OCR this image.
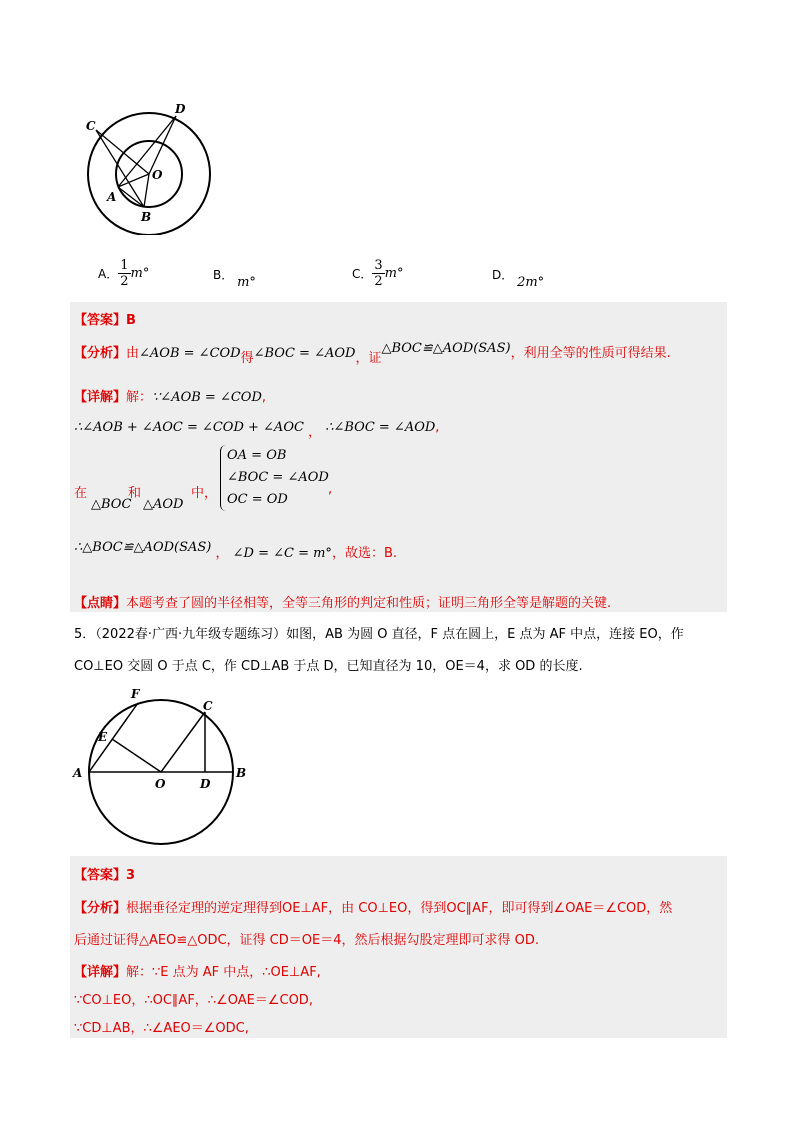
C
D
O
A
B
A． $\frac{1}{2} m^\circ$	B． m°
C． $\frac{3}{2} m^\circ$	D． 2m°
【答案】B
【分析】由∠AOB = ∠COD得∠BOC = ∠AOD，证△BOC≌△AOD(SAS)，利用全等的性质可得结果.
【详解】解：∵∠AOB = ∠COD,
∴∠AOB + ∠AOC = ∠COD + ∠AOC ， ∴∠BOC = ∠AOD,
在
△BOC
和
△AOD
中，
OA = OB
∠BOC = ∠AOD
OC = OD
,
∴△BOC≌△AOD(SAS) ， ∠D = ∠C = m°，故选：B.
【点睛】本题考查了圆的半径相等，全等三角形的判定和性质；证明三角形全等是解题的关键.
5．（2022春·广西·九年级专题练习）如图，AB 为圆 O 直径，F 点在圆上，E 点为 AF 中点，连接 EO，作
CO⊥EO 交圆 O 于点 C，作 CD⊥AB 于点 D，已知直径为 10，OE＝4，求 OD 的长度.
F
C
E
A
O	D
B
【答案】3
【分析】根据垂径定理的逆定理得到OE⊥AF，由 CO⊥EO，得到OC∥AF，即可得到∠OAE＝∠COD，然
后通过证得△AEO≌△ODC，证得 CD＝OE＝4，然后根据勾股定理即可求得 OD.
【详解】解：∵E 点为 AF 中点，∴OE⊥AF,
∵CO⊥EO，∴OC∥AF，∴∠OAE＝∠COD,
∵CD⊥AB，∴∠AEO＝∠ODC,
